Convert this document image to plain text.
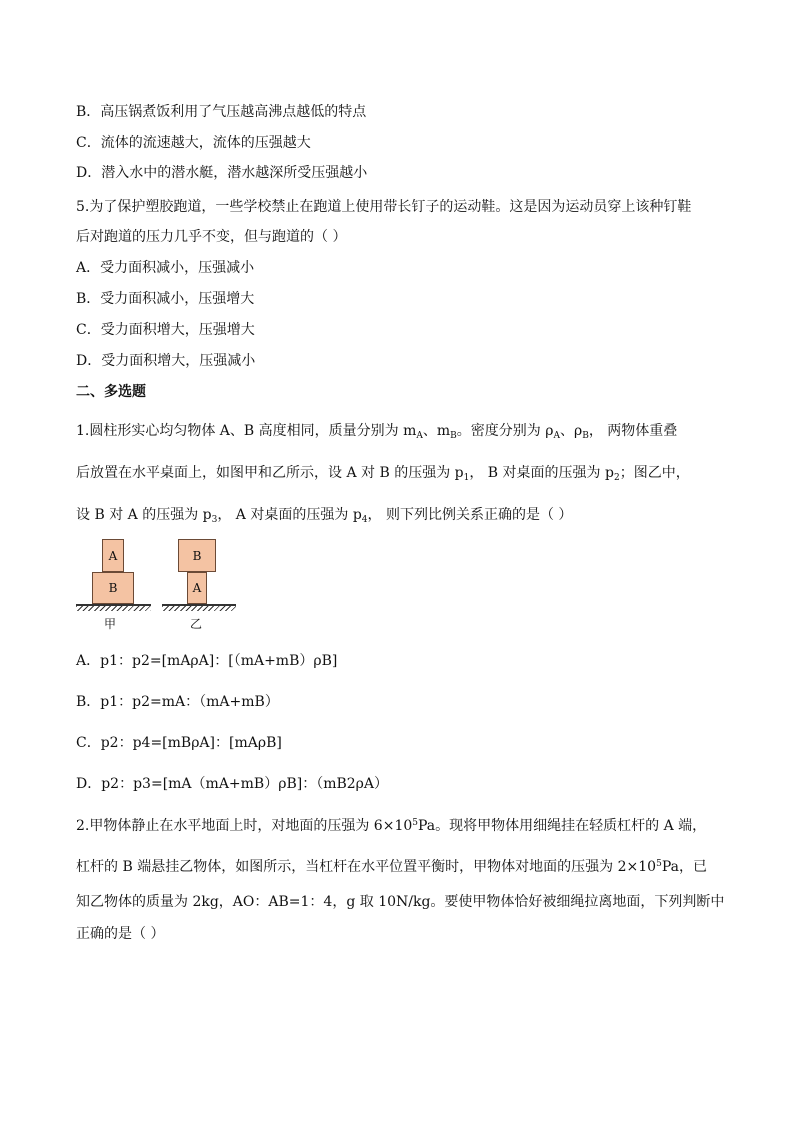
B．高压锅煮饭利用了气压越高沸点越低的特点
C．流体的流速越大，流体的压强越大
D．潜入水中的潜水艇，潜水越深所受压强越小
5.为了保护塑胶跑道，一些学校禁止在跑道上使用带长钉子的运动鞋。这是因为运动员穿上该种钉鞋
后对跑道的压力几乎不变，但与跑道的（ ）
A．受力面积减小，压强减小
B．受力面积减小，压强增大
C．受力面积增大，压强增大
D．受力面积增大，压强减小
二、多选题
1.圆柱形实心均匀物体 A、B 高度相同，质量分别为 $m_A$、$m_B$。密度分别为 $\rho_A$、$\rho_B$， 两物体重叠
后放置在水平桌面上，如图甲和乙所示，设 A 对 B 的压强为 $p_1$， B 对桌面的压强为 $p_2$；图乙中，
设 B 对 A 的压强为 $p_3$， A 对桌面的压强为 $p_4$， 则下列比例关系正确的是（ ）
A
B
甲
B
A
乙
A．p1：p2=[mAρA]：[（mA+mB）ρB]
B．p1：p2=mA：（mA+mB）
C．p2：p4=[mBρA]：[mAρB]
D．p2：p3=[mA（mA+mB）ρB]：（mB2ρA）
2.甲物体静止在水平地面上时，对地面的压强为 $6\times 10^5Pa$。现将甲物体用细绳挂在轻质杠杆的 A 端，
杠杆的 B 端悬挂乙物体，如图所示，当杠杆在水平位置平衡时，甲物体对地面的压强为 $2\times 10^5Pa$，已
知乙物体的质量为 2kg，AO：AB=1：4，g 取 10N/kg。要使甲物体恰好被细绳拉离地面，下列判断中
正确的是（ ）
